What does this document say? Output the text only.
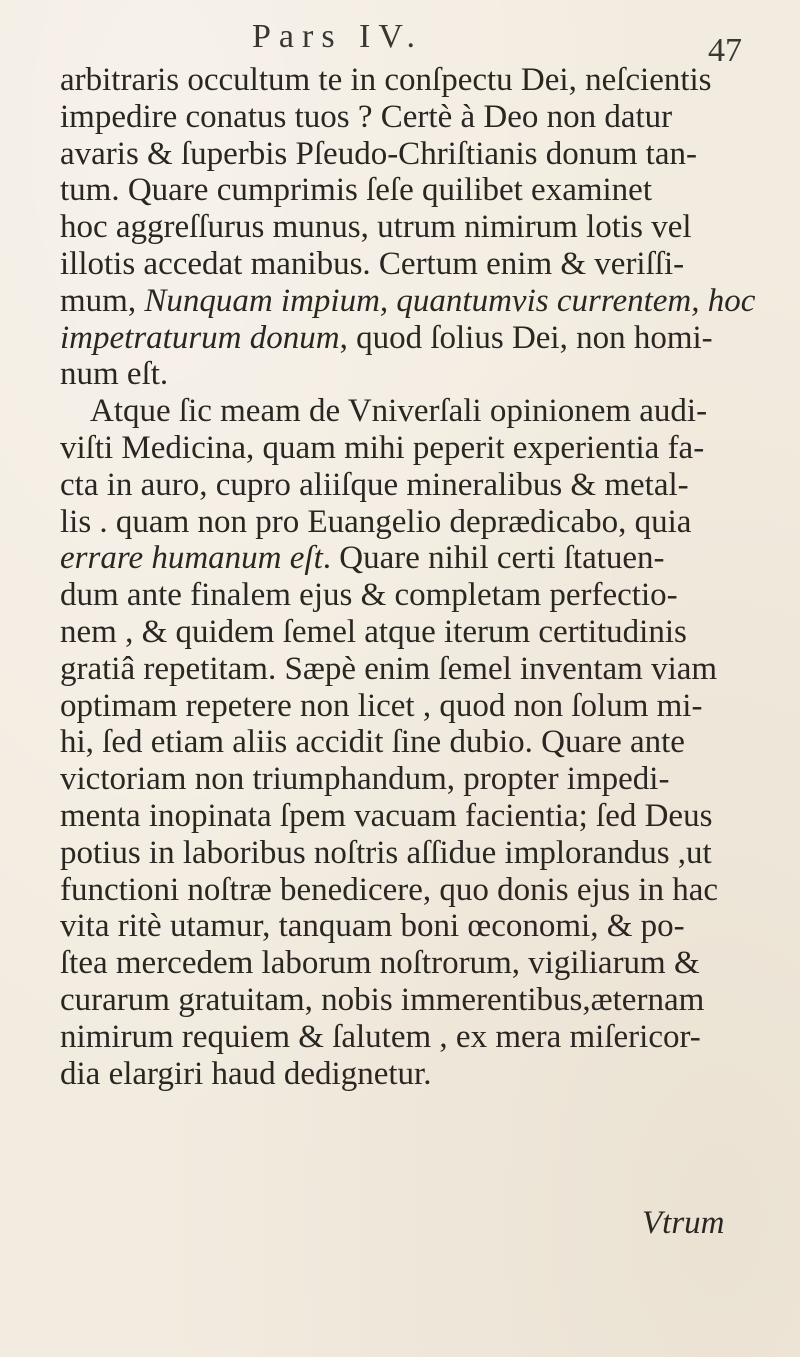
Pars IV.	47
arbitraris occultum te in conſpectu Dei, neſcientis
impedire conatus tuos ? Certè à Deo non datur
avaris & ſuperbis Pſeudo-Chriſtianis donum tan-
tum. Quare cumprimis ſeſe quilibet examinet
hoc aggreſſurus munus, utrum nimirum lotis vel
illotis accedat manibus. Certum enim & veriſſi-
mum, Nunquam impium, quantumvis currentem, hoc
impetraturum donum, quod ſolius Dei, non homi-
num eſt.
Atque ſic meam de Vniverſali opinionem audi-
viſti Medicina, quam mihi peperit experientia fa-
cta in auro, cupro aliiſque mineralibus & metal-
lis . quam non pro Euangelio deprædicabo, quia
errare humanum eſt. Quare nihil certi ſtatuen-
dum ante finalem ejus & completam perfectio-
nem , & quidem ſemel atque iterum certitudinis
gratiâ repetitam. Sæpè enim ſemel inventam viam
optimam repetere non licet , quod non ſolum mi-
hi, ſed etiam aliis accidit ſine dubio. Quare ante
victoriam non triumphandum, propter impedi-
menta inopinata ſpem vacuam facientia; ſed Deus
potius in laboribus noſtris aſſidue implorandus ,ut
functioni noſtræ benedicere, quo donis ejus in hac
vita ritè utamur, tanquam boni œconomi, & po-
ſtea mercedem laborum noſtrorum, vigiliarum &
curarum gratuitam, nobis immerentibus,æternam
nimirum requiem & ſalutem , ex mera miſericor-
dia elargiri haud dedignetur.
Vtrum
